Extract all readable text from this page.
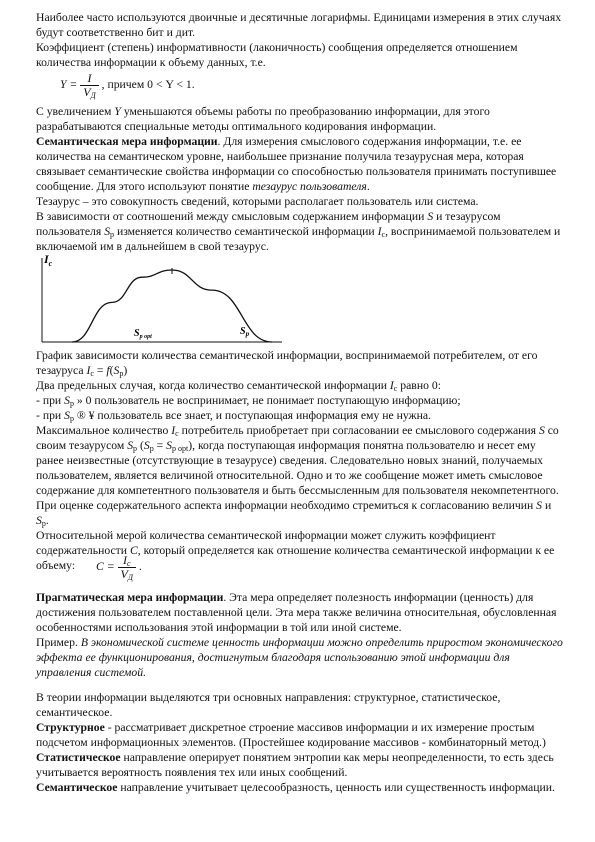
Наиболее часто используются двоичные и десятичные логарифмы. Единицами измерения в этих случаях будут соответственно бит и дит.

Коэффициент (степень) информативности (лаконичность) сообщения определяется отношением количества информации к объему данных, т.е.

$Y = \frac{I}{V_Д}$ , причем 0 < Y < 1.

С увеличением Y уменьшаются объемы работы по преобразованию информации, для этого разрабатываются специальные методы оптимального кодирования информации.

Семантическая мера информации. Для измерения смыслового содержания информации, т.е. ее количества на семантическом уровне, наибольшее признание получила тезаурусная мера, которая связывает семантические свойства информации со способностью пользователя принимать поступившее сообщение. Для этого используют понятие тезаурус пользователя.

Тезаурус – это совокупность сведений, которыми располагает пользователь или система.

В зависимости от соотношений между смысловым содержанием информации S и тезаурусом пользователя $S_p$ изменяется количество семантической информации $I_c$, воспринимаемой пользователем и включаемой им в дальнейшем в свой тезаурус.

$I_c$
$S_{p opt}$	$S_p$

График зависимости количества семантической информации, воспринимаемой потребителем, от его тезауруса $I_c = f(S_p)$

Два предельных случая, когда количество семантической информации $I_c$ равно 0:

- при $S_p$ » 0 пользователь не воспринимает, не понимает поступающую информацию;

- при $S_p$ ® ¥ пользователь все знает, и поступающая информация ему не нужна.

Максимальное количество $I_c$ потребитель приобретает при согласовании ее смыслового содержания S со своим тезаурусом $S_p$ $(S_p = S_{p opt})$, когда поступающая информация понятна пользователю и несет ему ранее неизвестные (отсутствующие в тезаурусе) сведения. Следовательно новых знаний, получаемых пользователем, является величиной относительной. Одно и то же сообщение может иметь смысловое содержание для компетентного пользователя и быть бессмысленным для пользователя некомпетентного.

При оценке содержательного аспекта информации необходимо стремиться к согласованию величин S и $S_p$.

Относительной мерой количества семантической информации может служить коэффициент содержательности C, который определяется как отношение количества семантической информации к ее объему:	$C = \frac{I_c}{V_Д}$ .

Прагматическая мера информации. Эта мера определяет полезность информации (ценность) для достижения пользователем поставленной цели. Эта мера также величина относительная, обусловленная особенностями использования этой информации в той или иной системе.

Пример. В экономической системе ценность информации можно определить приростом экономического эффекта ее функционирования, достигнутым благодаря использованию этой информации для управления системой.

В теории информации выделяются три основных направления: структурное, статистическое, семантическое.

Структурное - рассматривает дискретное строение массивов информации и их измерение простым подсчетом информационных элементов. (Простейшее кодирование массивов - комбинаторный метод.)

Статистическое направление оперирует понятием энтропии как меры неопределенности, то есть здесь учитывается вероятность появления тех или иных сообщений.

Семантическое направление учитывает целесообразность, ценность или существенность информации.
